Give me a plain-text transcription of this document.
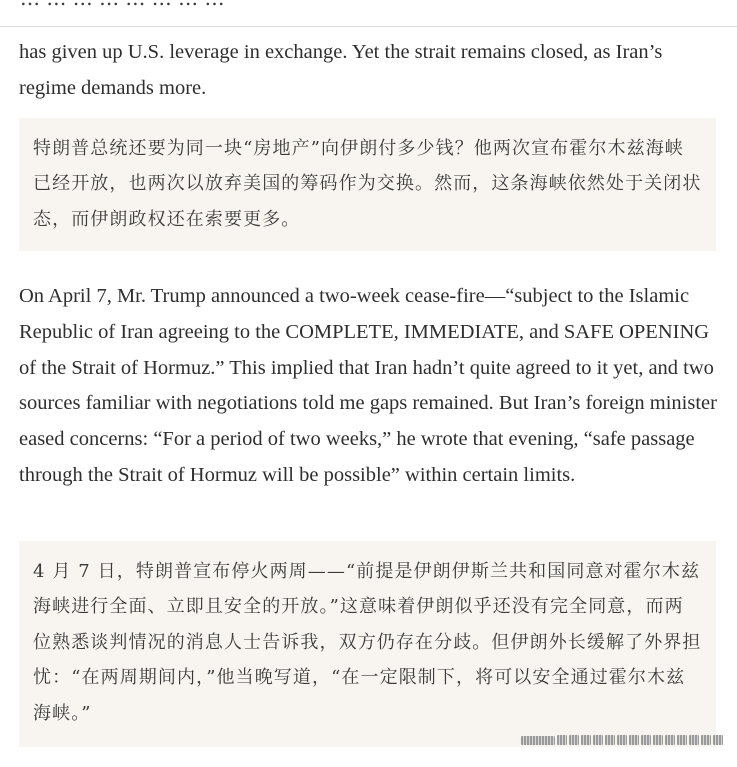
has given up U.S. leverage in exchange. Yet the strait remains closed, as Iran’s regime demands more.

特朗普总统还要为同一块“房地产”向伊朗付多少钱？他两次宣布霍尔木兹海峡已经开放，也两次以放弃美国的筹码作为交换。然而，这条海峡依然处于关闭状态，而伊朗政权还在索要更多。

On April 7, Mr. Trump announced a two-week cease-fire—“subject to the Islamic Republic of Iran agreeing to the COMPLETE, IMMEDIATE, and SAFE OPENING of the Strait of Hormuz.” This implied that Iran hadn’t quite agreed to it yet, and two sources familiar with negotiations told me gaps remained. But Iran’s foreign minister eased concerns: “For a period of two weeks,” he wrote that evening, “safe passage through the Strait of Hormuz will be possible” within certain limits.

4 月 7 日，特朗普宣布停火两周——“前提是伊朗伊斯兰共和国同意对霍尔木兹海峡进行全面、立即且安全的开放。”这意味着伊朗似乎还没有完全同意，而两位熟悉谈判情况的消息人士告诉我，双方仍存在分歧。但伊朗外长缓解了外界担忧：“在两周期间内，”他当晚写道，“在一定限制下，将可以安全通过霍尔木兹海峡。”
